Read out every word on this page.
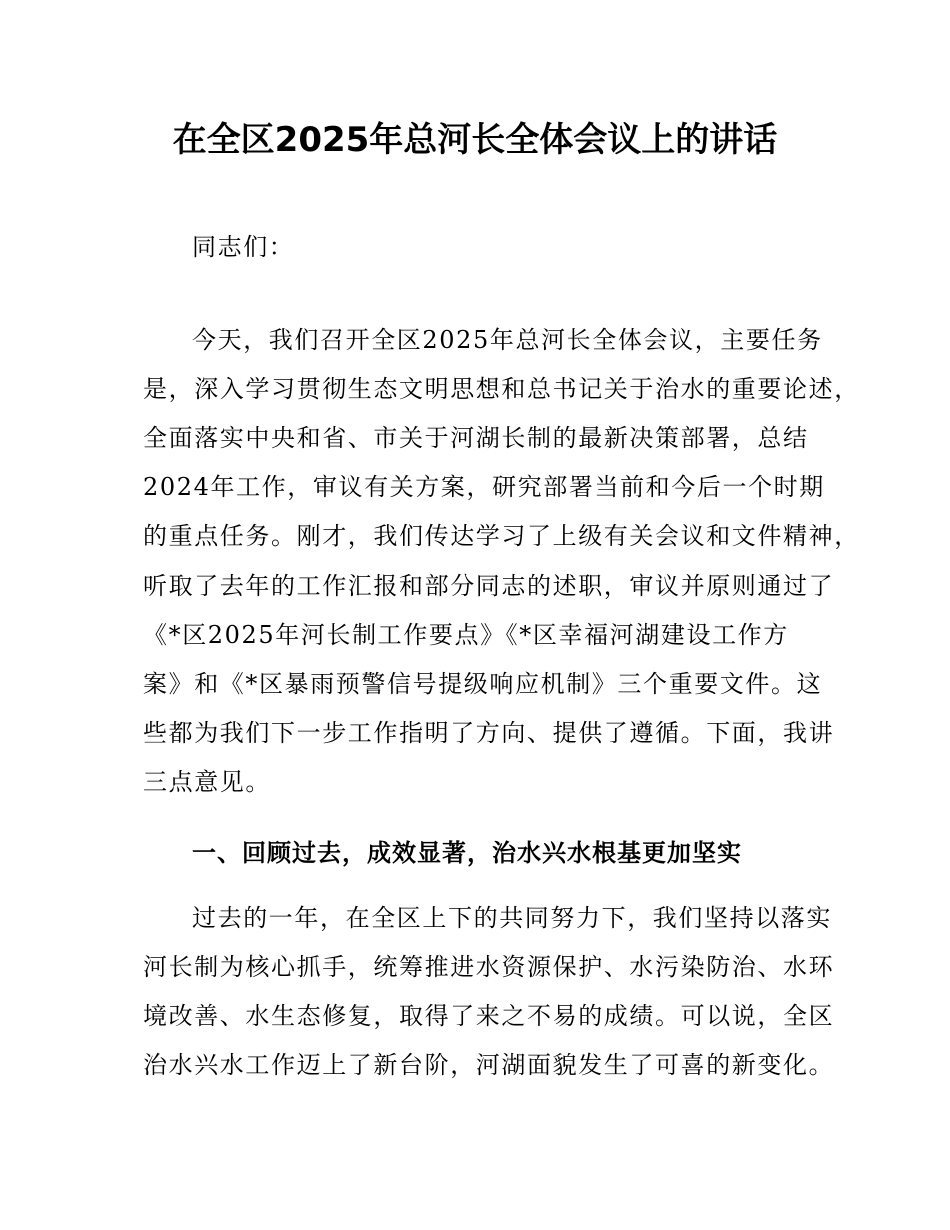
在全区2025年总河长全体会议上的讲话
同志们：
今天，我们召开全区2025年总河长全体会议，主要任务
是，深入学习贯彻生态文明思想和总书记关于治水的重要论述，
全面落实中央和省、市关于河湖长制的最新决策部署，总结
2024年工作，审议有关方案，研究部署当前和今后一个时期
的重点任务。刚才，我们传达学习了上级有关会议和文件精神，
听取了去年的工作汇报和部分同志的述职，审议并原则通过了
《*区2025年河长制工作要点》《*区幸福河湖建设工作方
案》和《*区暴雨预警信号提级响应机制》三个重要文件。这
些都为我们下一步工作指明了方向、提供了遵循。下面，我讲
三点意见。
一、回顾过去，成效显著，治水兴水根基更加坚实
过去的一年，在全区上下的共同努力下，我们坚持以落实
河长制为核心抓手，统筹推进水资源保护、水污染防治、水环
境改善、水生态修复，取得了来之不易的成绩。可以说，全区
治水兴水工作迈上了新台阶，河湖面貌发生了可喜的新变化。
